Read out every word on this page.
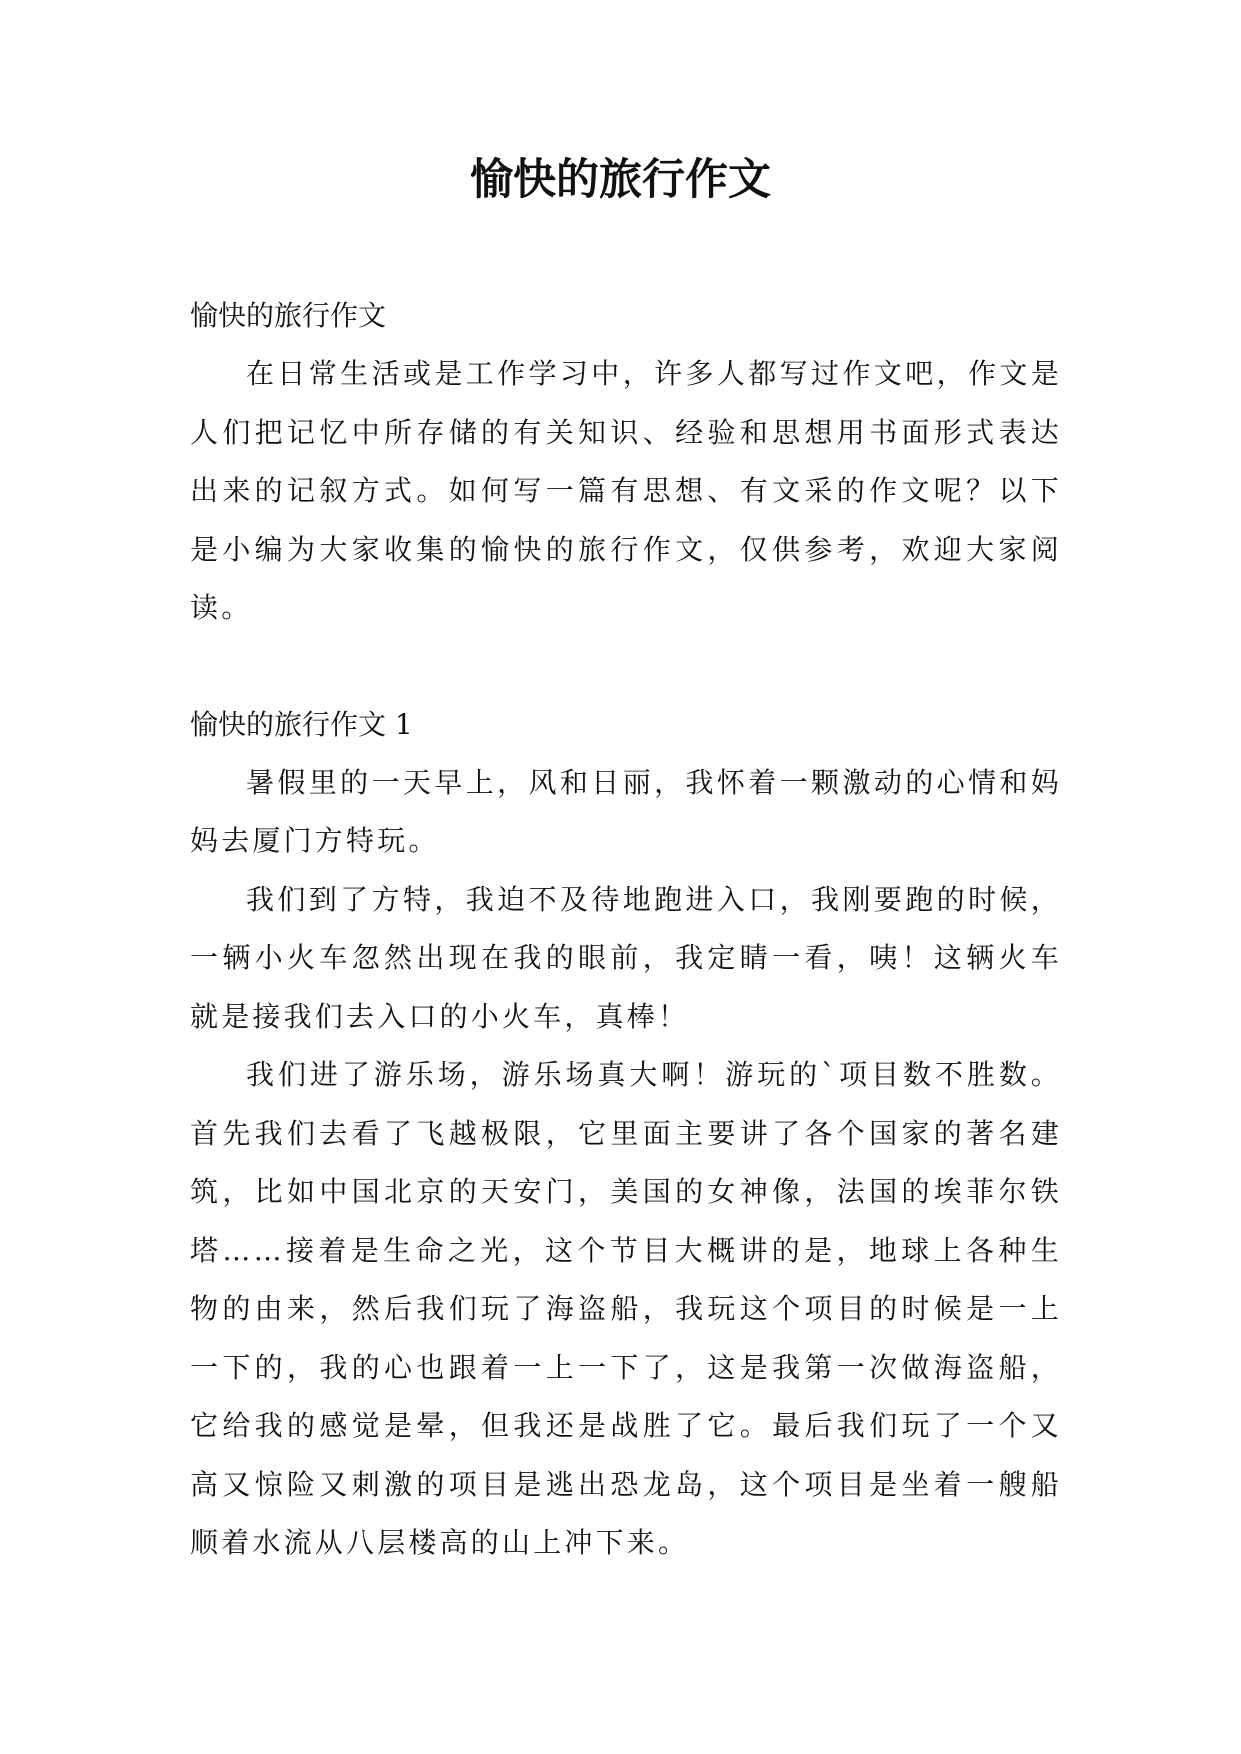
愉快的旅行作文

愉快的旅行作文

在日常生活或是工作学习中，许多人都写过作文吧，作文是人们把记忆中所存储的有关知识、经验和思想用书面形式表达出来的记叙方式。如何写一篇有思想、有文采的作文呢？以下是小编为大家收集的愉快的旅行作文，仅供参考，欢迎大家阅读。

愉快的旅行作文 1

暑假里的一天早上，风和日丽，我怀着一颗激动的心情和妈妈去厦门方特玩。

我们到了方特，我迫不及待地跑进入口，我刚要跑的时候，一辆小火车忽然出现在我的眼前，我定睛一看，咦！这辆火车就是接我们去入口的小火车，真棒！

我们进了游乐场，游乐场真大啊！游玩的`项目数不胜数。首先我们去看了飞越极限，它里面主要讲了各个国家的著名建筑，比如中国北京的天安门，美国的女神像，法国的埃菲尔铁塔……接着是生命之光，这个节目大概讲的是，地球上各种生物的由来，然后我们玩了海盗船，我玩这个项目的时候是一上一下的，我的心也跟着一上一下了，这是我第一次做海盗船，它给我的感觉是晕，但我还是战胜了它。最后我们玩了一个又高又惊险又刺激的项目是逃出恐龙岛，这个项目是坐着一艘船顺着水流从八层楼高的山上冲下来。
